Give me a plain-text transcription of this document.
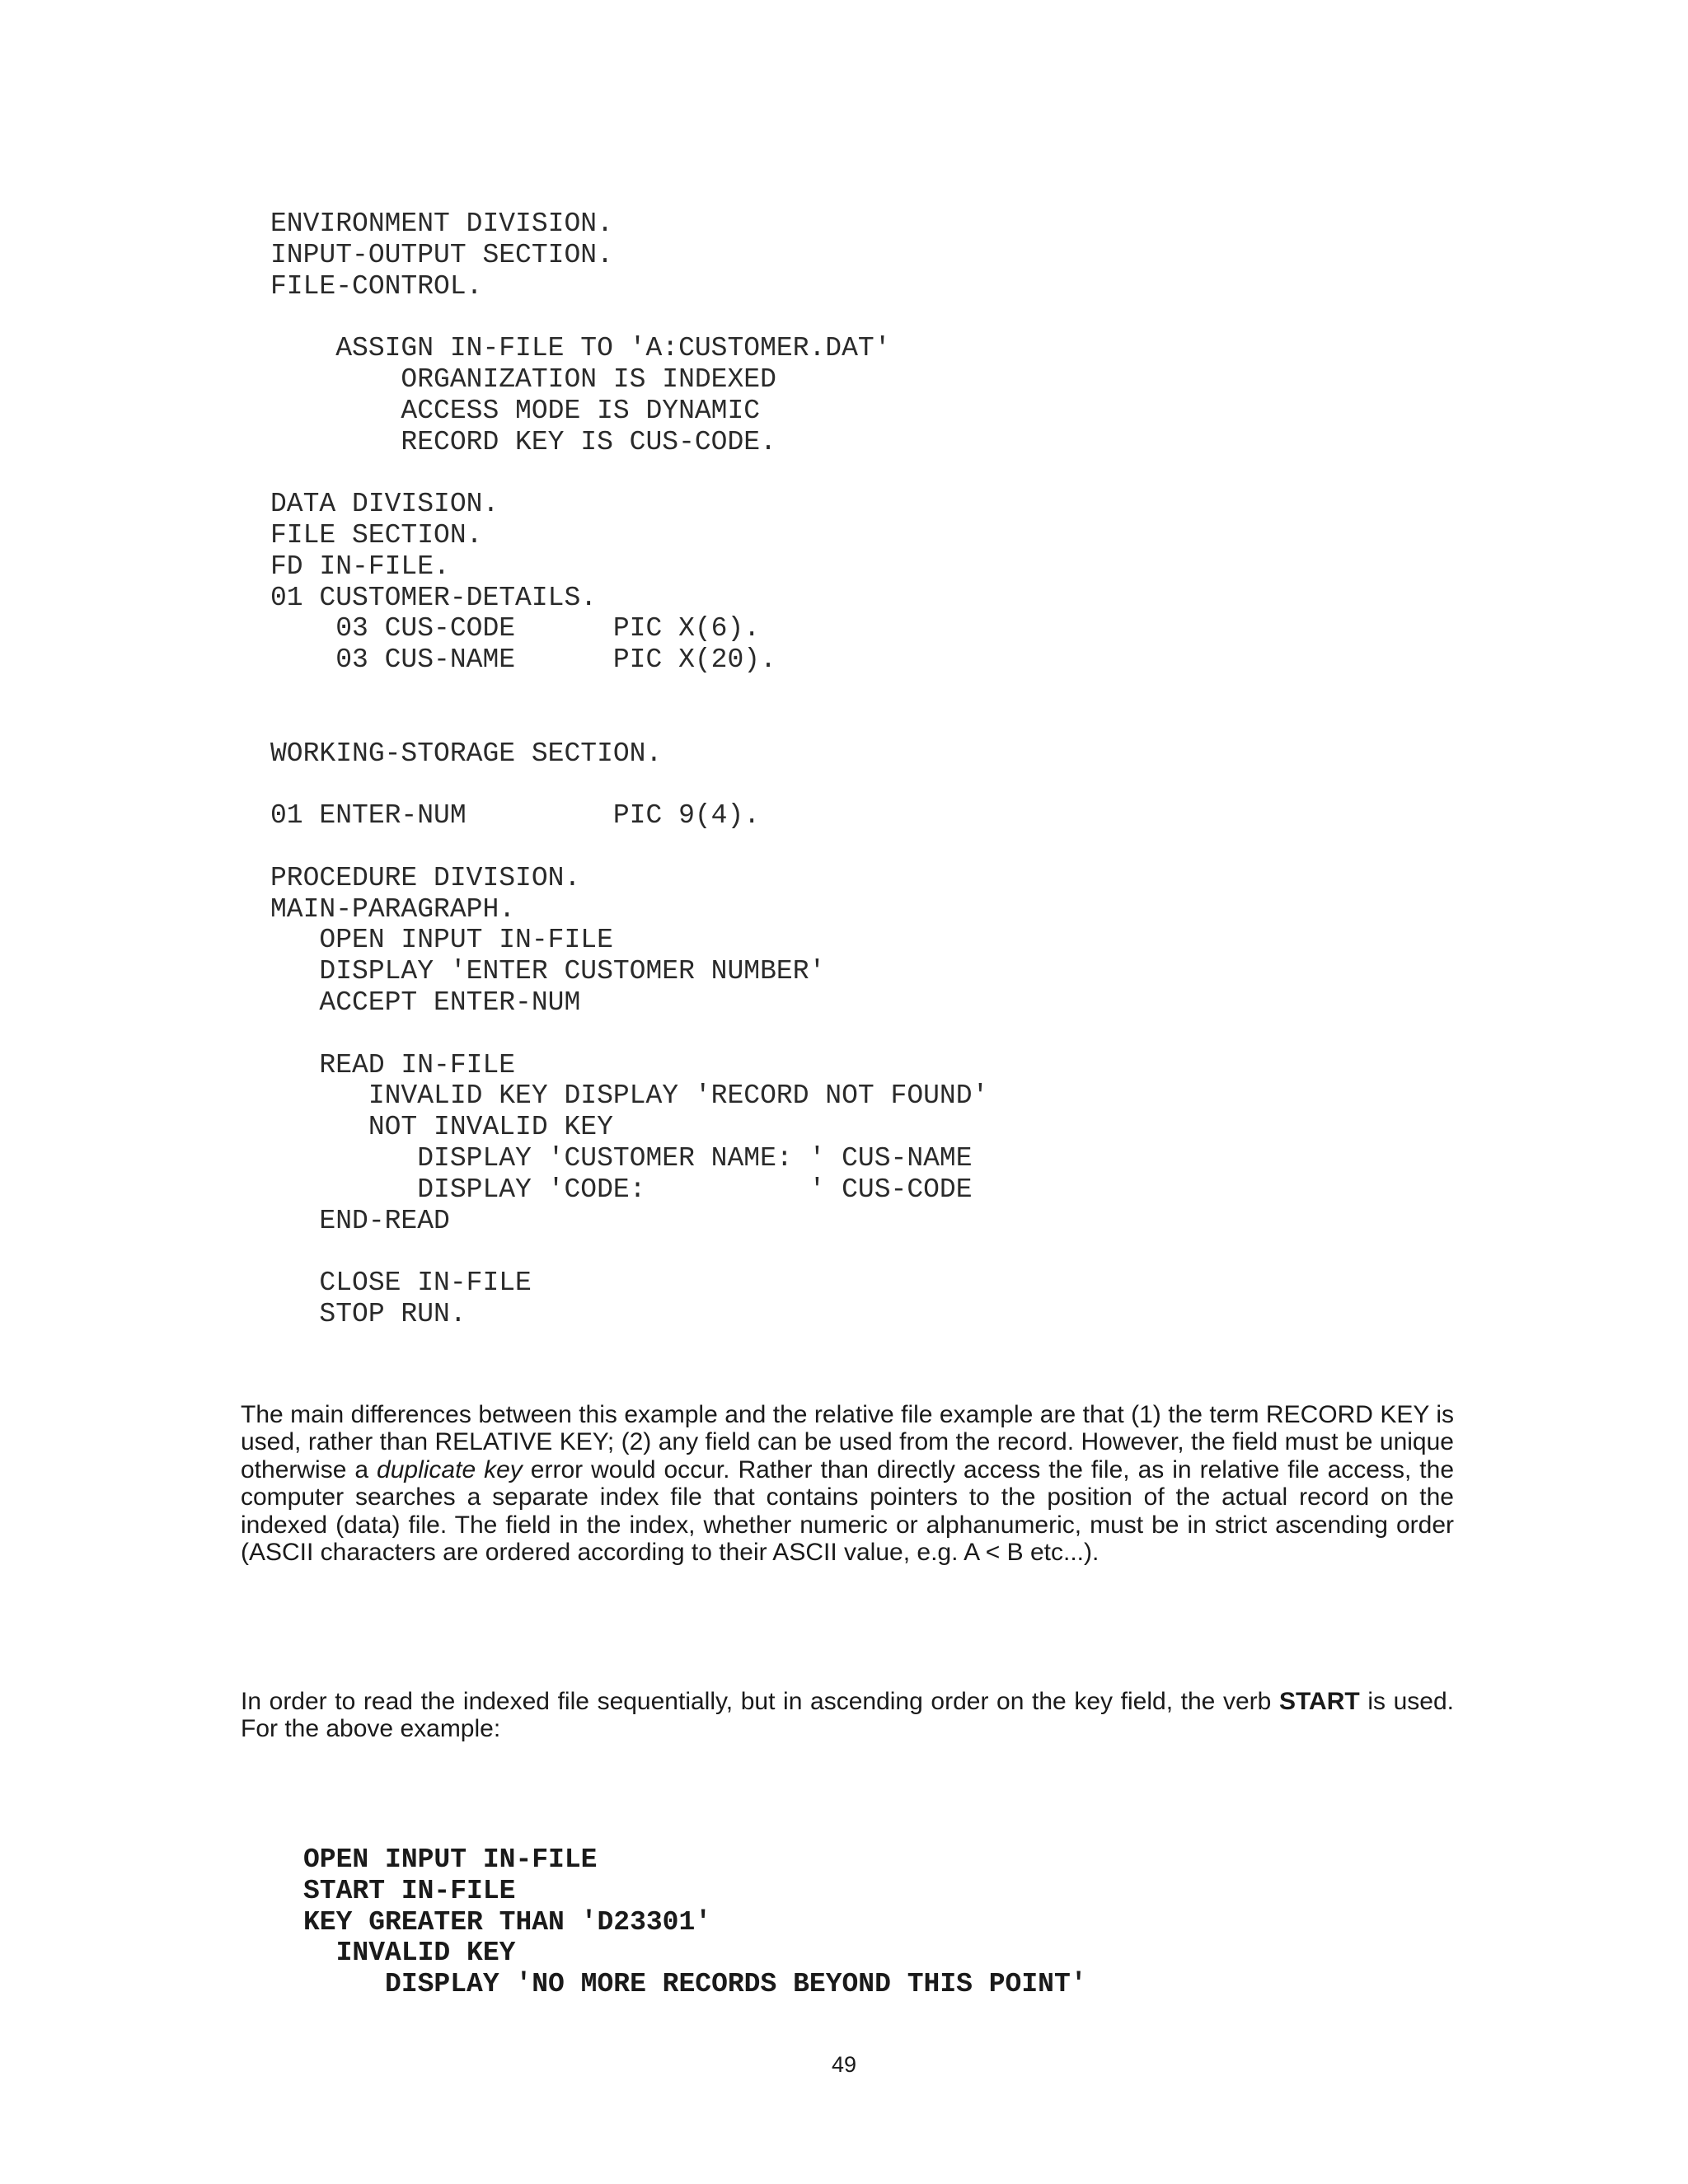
ENVIRONMENT DIVISION.
INPUT-OUTPUT SECTION.
FILE-CONTROL.
ASSIGN IN-FILE TO 'A:CUSTOMER.DAT'
ORGANIZATION IS INDEXED
ACCESS MODE IS DYNAMIC
RECORD KEY IS CUS-CODE.
DATA DIVISION.
FILE SECTION.
FD IN-FILE.
01 CUSTOMER-DETAILS.
03 CUS-CODE      PIC X(6).
03 CUS-NAME      PIC X(20).
WORKING-STORAGE SECTION.
01 ENTER-NUM         PIC 9(4).
PROCEDURE DIVISION.
MAIN-PARAGRAPH.
OPEN INPUT IN-FILE
DISPLAY 'ENTER CUSTOMER NUMBER'
ACCEPT ENTER-NUM
READ IN-FILE
INVALID KEY DISPLAY 'RECORD NOT FOUND'
NOT INVALID KEY
DISPLAY 'CUSTOMER NAME: ' CUS-NAME
DISPLAY 'CODE:          ' CUS-CODE
END-READ
CLOSE IN-FILE
STOP RUN.

The main differences between this example and the relative file example are that (1) the term RECORD KEY is used, rather than RELATIVE KEY; (2) any field can be used from the record. However, the field must be unique otherwise a duplicate key error would occur. Rather than directly access the file, as in relative file access, the computer searches a separate index file that contains pointers to the position of the actual record on the indexed (data) file. The field in the index, whether numeric or alphanumeric, must be in strict ascending order (ASCII characters are ordered according to their ASCII value, e.g. A < B etc...).

In order to read the indexed file sequentially, but in ascending order on the key field, the verb START is used. For the above example:

OPEN INPUT IN-FILE
START IN-FILE
KEY GREATER THAN 'D23301'
INVALID KEY
DISPLAY 'NO MORE RECORDS BEYOND THIS POINT'
49
